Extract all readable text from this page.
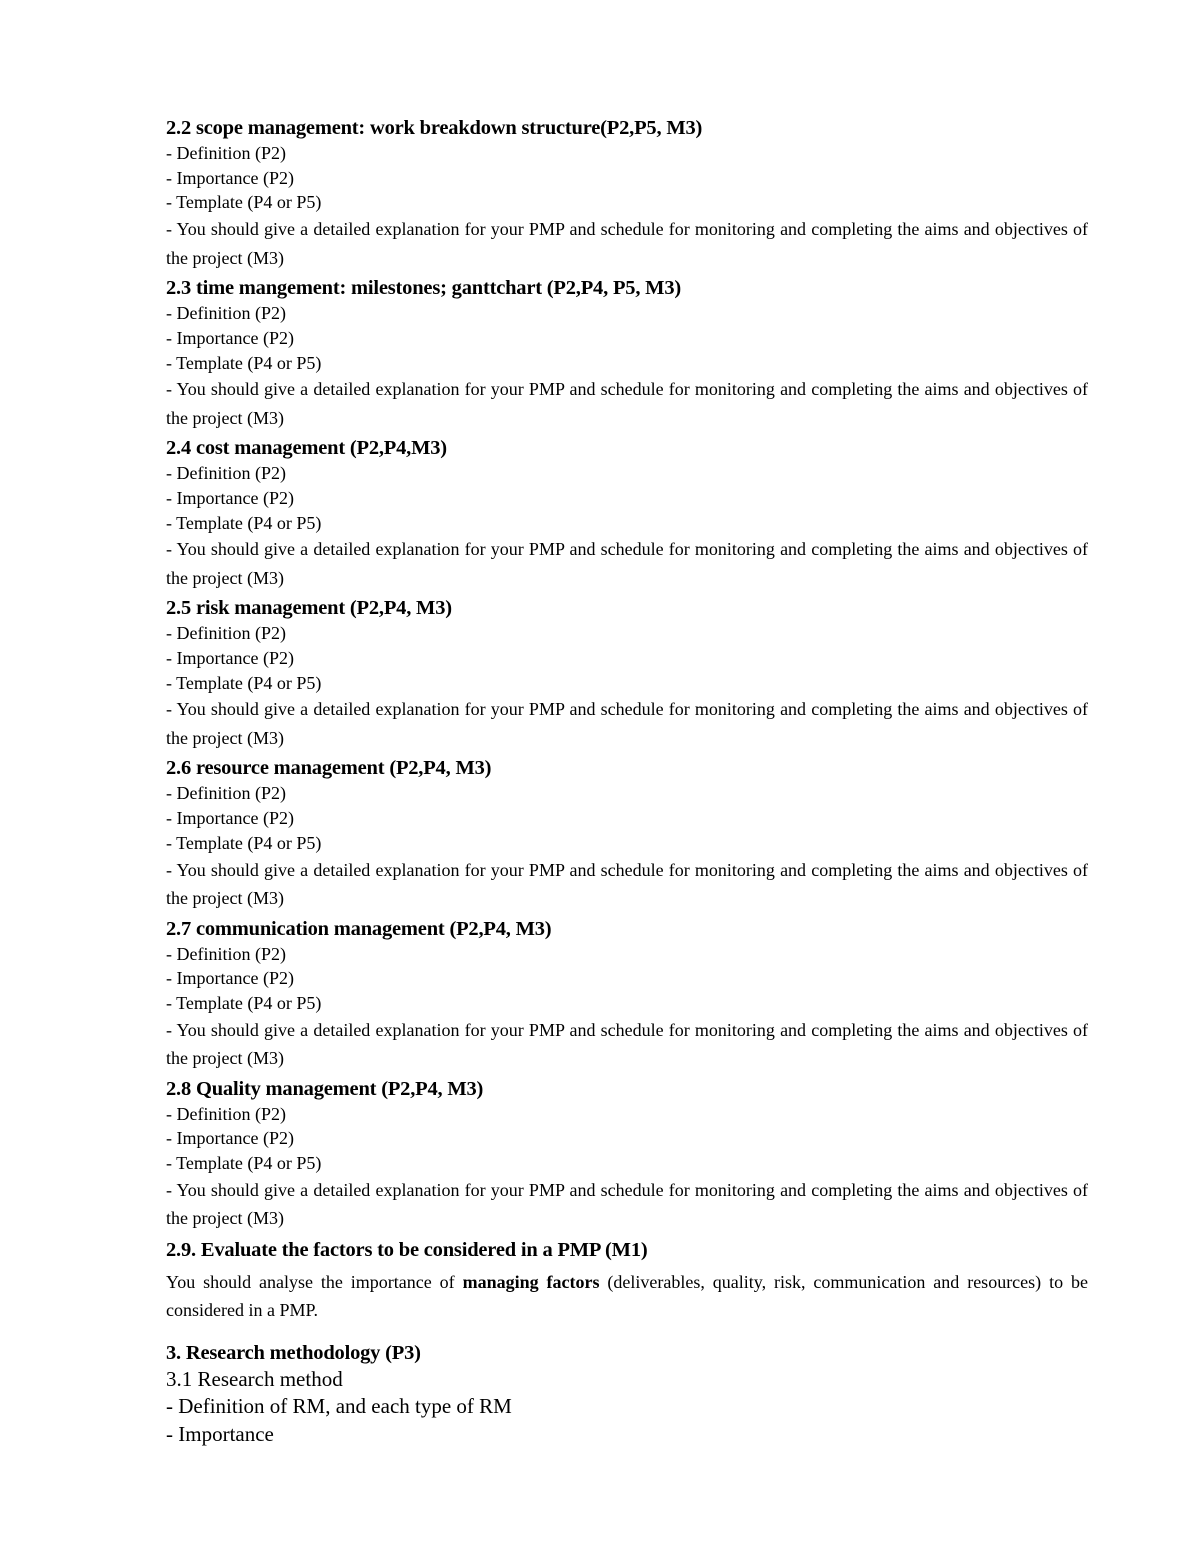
2.2 scope management: work breakdown structure(P2,P5, M3)

- Definition (P2)

- Importance (P2)

- Template (P4 or P5)

- You should give a detailed explanation for your PMP and schedule for monitoring and completing the aims and objectives of the project (M3)

2.3 time mangement: milestones; ganttchart (P2,P4, P5, M3)

- Definition (P2)

- Importance (P2)

- Template (P4 or P5)

- You should give a detailed explanation for your PMP and schedule for monitoring and completing the aims and objectives of the project (M3)

2.4 cost management (P2,P4,M3)

- Definition (P2)

- Importance (P2)

- Template (P4 or P5)

- You should give a detailed explanation for your PMP and schedule for monitoring and completing the aims and objectives of the project (M3)

2.5 risk management (P2,P4, M3)

- Definition (P2)

- Importance (P2)

- Template (P4 or P5)

- You should give a detailed explanation for your PMP and schedule for monitoring and completing the aims and objectives of the project (M3)

2.6 resource management (P2,P4, M3)

- Definition (P2)

- Importance (P2)

- Template (P4 or P5)

- You should give a detailed explanation for your PMP and schedule for monitoring and completing the aims and objectives of the project (M3)

2.7 communication management (P2,P4, M3)

- Definition (P2)

- Importance (P2)

- Template (P4 or P5)

- You should give a detailed explanation for your PMP and schedule for monitoring and completing the aims and objectives of the project (M3)

2.8 Quality management (P2,P4, M3)

- Definition (P2)

- Importance (P2)

- Template (P4 or P5)

- You should give a detailed explanation for your PMP and schedule for monitoring and completing the aims and objectives of the project (M3)

2.9. Evaluate the factors to be considered in a PMP (M1)

You should analyse the importance of managing factors (deliverables, quality, risk, communication and resources) to be considered in a PMP.

3. Research methodology (P3)

3.1 Research method

- Definition of RM, and each type of RM

- Importance
